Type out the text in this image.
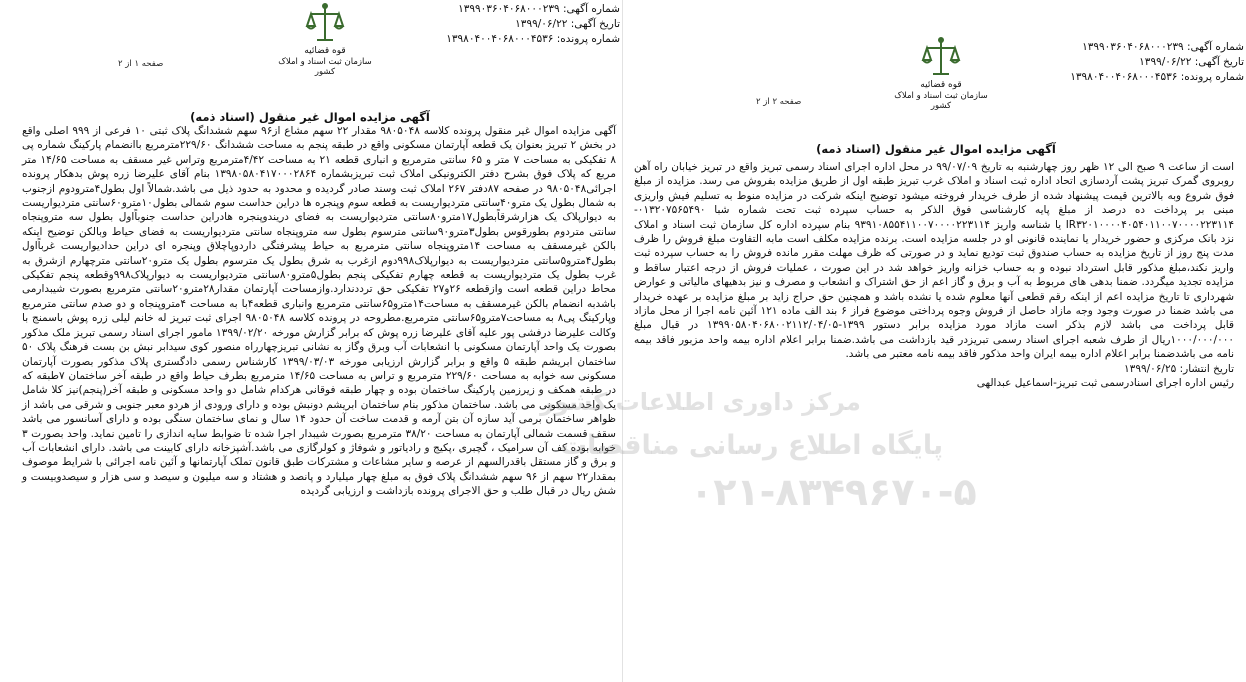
شماره آگهی: ۱۳۹۹۰۳۶۰۴۰۶۸۰۰۰۲۳۹
تاریخ آگهی: ۱۳۹۹/۰۶/۲۲
شماره پرونده: ۱۳۹۸۰۴۰۰۴۰۶۸۰۰۰۴۵۳۶
قوه قضائیه
سازمان ثبت اسناد و املاک کشور
صفحه ۱ از ۲
آگهی مزایده اموال غیر منقول (اسناد ذمه)

آگهی مزایده اموال غیر منقول پرونده کلاسه ۹۸۰۵۰۴۸ مقدار ۲۲ سهم مشاع از۹۶ سهم ششدانگ پلاک ثبتی ۱۰ فرعی از ۹۹۹ اصلی واقع در بخش ۲ تبریز بعنوان یک قطعه آپارتمان مسکونی واقع در طبقه پنجم به مساحت ششدانگ ۲۲۹/۶۰مترمربع باانضمام پارکینگ شماره پی ۸ تفکیکی به مساحت ۷ متر و ۶۵ سانتی مترمربع و انباری قطعه ۲۱ به مساحت ۴/۴۲مترمربع وتراس غیر مسقف به مساحت ۱۴/۶۵ متر مربع که پلاک فوق بشرح دفتر الکترونیکی املاک ثبت تبریزبشماره ۱۳۹۸۰۵۸۰۴۱۷۰۰۰۲۸۶۴ بنام آقای علیرضا زره پوش بدهکار پرونده اجرائی۹۸۰۵۰۴۸ در صفحه ۸۷دفتر ۲۶۷ املاک ثبت وسند صادر گردیده و محدود به حدود ذیل می باشد.شمالاً اول بطول۴مترودوم ازجنوب به شمال بطول یک مترو۴۰سانتی متردیواریست به قطعه سوم وپنجره ها دراین حداست سوم شمالی بطول۱۰مترو۶۰سانتی متردیواریست به دیوارپلاک یک هزارشرقاًبطول۱۷مترو۸۰سانتی متردیواریست به فضای دریندوپنجره هادراین حداست جنوباًاول بطول سه متروپنجاه سانتی متردوم بطورقوس بطول۳مترو۹۰سانتی مترسوم بطول سه متروپنجاه سانتی متردیواریست به فضای حیاط وبالکن توضیح اینکه بالکن غیرمسقف به مساحت ۱۴متروپنجاه سانتی مترمربع به حیاط پیشرفتگی داردوپاچلاق وپنجره ای دراین حدادیواریست غرباًاول بطول۴مترو۵سانتی متردیواریست به دیوارپلاک۹۹۸دوم ازغرب به شرق بطول یک مترسوم بطول یک مترو۲۰سانتی مترچهارم ازشرق به غرب بطول یک متردیواریست به قطعه چهارم تفکیکی پنجم بطول۵مترو۸۰سانتی متردیواریست به دیوارپلاک۹۹۸وقطعه پنجم تفکیکی محاط دراین قطعه است وازقطعه ۲۶و۲۷ تفکیکی حق ترددندارد.وازمساحت آپارتمان مقدار۲۸مترو۲۰سانتی مترمربع بصورت شیبدارمی باشدبه انضمام بالکن غیرمسقف به مساحت۱۴مترو۶۵سانتی مترمربع وانباری قطعه۴با به مساحت ۴متروپنجاه و دو صدم سانتی مترمربع وپارکینگ پی۸ به مساحت۷مترو۶۵سانتی مترمربع.مطروحه در پرونده کلاسه ۹۸۰۵۰۴۸ اجرای ثبت تبریز له خانم لیلی زره پوش باسمنج با وکالت علیرضا درفشی پور علیه آقای علیرضا زره پوش که برابر گزارش مورخه ۱۳۹۹/۰۲/۲۰ مامور اجرای اسناد رسمی تبریز ملک مذکور بصورت یک واحد آپارتمان مسکونی با انشعابات آب وبرق وگاز به نشانی تبریزچهارراه منصور کوی سیدابر نبش بن بست فرهنگ پلاک ۵۰ ساختمان ابریشم طبقه ۵ واقع و برابر گزارش ارزیابی مورخه ۱۳۹۹/۰۳/۰۳ کارشناس رسمی دادگستری پلاک مذکور بصورت آپارتمان مسکونی سه خوابه به مساحت ۲۲۹/۶۰ مترمربع و تراس به مساحت ۱۴/۶۵ مترمربع بطرف حیاط واقع در طبقه آخر ساختمان ۷طبقه که در طبقه همکف و زیرزمین پارکینگ ساختمان بوده و چهار طبقه فوقانی هرکدام شامل دو واحد مسکونی و طبقه آخر(پنجم)نیز کلا شامل یک واحد مسکونی می باشد. ساختمان مذکور بنام ساختمان ابریشم دونبش بوده و دارای ورودی از هردو معبر جنوبی و شرقی می باشد از ظواهر ساختمان برمی آید سازه آن بتن آرمه و قدمت ساخت آن حدود ۱۴ سال و نمای ساختمان سنگی بوده و دارای آسانسور می باشد سقف قسمت شمالی آپارتمان به مساحت ۳۸/۲۰ مترمربع بصورت شیبدار اجرا شده تا ضوابط سایه اندازی را تامین نماید. واحد بصورت ۳ خوابه بوده کف آن سرامیک ، گچبری ،پکیج و رادیاتور و شوفاژ و کولرگازی می باشد.آشپزخانه دارای کابینت می باشد. دارای انشعابات آب و برق و گاز مستقل باقدرالسهم از عرصه و سایر مشاعات و مشترکات طبق قانون تملک آپارتمانها و آئین نامه اجرائی با شرایط موصوف بمقدار۲۲ سهم از ۹۶ سهم ششدانگ پلاک فوق به مبلغ چهار میلیارد و پانصد و هشتاد و سه میلیون و سیصد و سی هزار و سیصدوبیست و شش ریال در قبال طلب و حق الاجرای پرونده بازداشت و ارزیابی گردیده

شماره آگهی: ۱۳۹۹۰۳۶۰۴۰۶۸۰۰۰۲۳۹
تاریخ آگهی: ۱۳۹۹/۰۶/۲۲
شماره پرونده: ۱۳۹۸۰۴۰۰۴۰۶۸۰۰۰۴۵۳۶
قوه قضائیه
سازمان ثبت اسناد و املاک کشور
صفحه ۲ از ۲
آگهی مزایده اموال غیر منقول (اسناد ذمه)

است از ساعت ۹ صبح الی ۱۲ ظهر روز چهارشنبه به تاریخ ۹۹/۰۷/۰۹ در محل اداره اجرای اسناد رسمی تبریز واقع در تبریز خیابان راه آهن روبروی گمرک تبریز پشت آردسازی اتحاد اداره ثبت اسناد و املاک غرب تبریز طبقه اول از طریق مزایده بفروش می رسد. مزایده از مبلغ فوق شروع وبه بالاترین قیمت پیشنهاد شده از طرف خریدار فروخته میشود توضیح اینکه شرکت در مزایده منوط به تسلیم فیش واریزی مبنی بر پرداخت ده درصد از مبلغ پایه کارشناسی فوق الذکر به حساب سپرده ثبت تحت شماره شبا ۰۱۳۲۰۷۵۶۵۴۹۰-IR۳۲۰۱۰۰۰۰۴۰۵۴۰۱۱۰۰۷۰۰۰۰۲۲۳۱۱۴ یا شناسه واریز ۹۳۹۱۰۸۵۵۴۱۱۰۰۷۰۰۰۰۲۲۳۱۱۴ بنام سپرده اداره کل سازمان ثبت اسناد و املاک نزد بانک مرکزی و حضور خریدار یا نماینده قانونی او در جلسه مزایده است. برنده مزایده مکلف است مابه التفاوت مبلغ فروش را ظرف مدت پنج روز از تاریخ مزایده به حساب صندوق ثبت تودیع نماید و در صورتی که ظرف مهلت مقرر مانده فروش را به حساب سپرده ثبت واریز نکند،مبلغ مذکور قابل استرداد نبوده و به حساب خزانه واریز خواهد شد در این صورت ، عملیات فروش از درجه اعتبار ساقط و مزایده تجدید میگردد. ضمنا بدهی های مربوط به آب و برق و گاز اعم از حق اشتراک و انشعاب و مصرف و نیز بدهیهای مالیاتی و عوارض شهرداری تا تاریخ مزایده اعم از اینکه رقم قطعی آنها معلوم شده یا نشده باشد و همچنین حق حراج زاید بر مبلغ مزایده بر عهده خریدار می باشد ضمنا در صورت وجود وجه مازاد حاصل از فروش وجوه پرداختی موضوع فراز ۶ بند الف ماده ۱۲۱ آئین نامه اجرا از محل مازاد قابل پرداخت می باشد لازم بذکر است مازاد مورد مزایده برابر دستور ۱۳۹۹-۱۳۹۹۰۵۸۰۴۰۶۸۰۰۲۱۱۲/۰۴/۰۵ در قبال مبلغ ۱۰۰۰/۰۰۰/۰۰۰ریال از طرف شعبه اجرای اسناد رسمی تبریزدر قید بازداشت می باشد.ضمنا برابر اعلام اداره بیمه واحد مزبور فاقد بیمه نامه می باشدضمنا برابر اعلام اداره بیمه ایران واحد مذکور فاقد بیمه نامه معتبر می باشد.

تاریخ انتشار: ۱۳۹۹/۰۶/۲۵

رئیس اداره اجرای اسنادرسمی ثبت تبریز-اسماعیل عبدالهی

مرکز داوری اطلاعات کشور
پایگاه اطلاع رسانی مناقصات
۰۲۱-۸۳۴۹۶۷۰-۵
